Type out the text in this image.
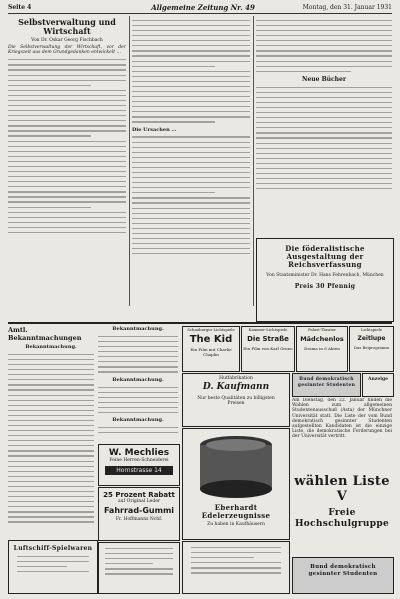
Seite 4	Allgemeine Zeitung Nr. 49	Montag, den 31. Januar 1931
Selbstverwaltung und Wirtschaft
Von Dr. Oskar Georg Fischbach
Die Selbstverwaltung der Wirtschaft, vor der Kriegszeit aus dem Grundgedanken entwickelt …
Die Ursachen …
Neue Bücher
Die föderalistische Ausgestaltung der Reichsverfassung
Von Staatsminister Dr. Hans Fehrenbach, München
Preis 30 Pfennig
Amtl. Bekanntmachungen
Bekanntmachung.
Bekanntmachung.
Bekanntmachung.
Bekanntmachung.
W. Mechlies
Feine Herren-Schneiderei
Hornstrasse 14
25 Prozent Rabatt
auf Original Leder
Fahrrad-Gummi
Fr. Hoffmanns Nchf.
Luftschiff-Spielwaren
Schauburger Lichtspiele
The Kid
Ein Film mit Charlie Chaplin
Kammer-Lichtspiele
Die Straße
Ein Film von Karl Grune
Palast-Theater
Mädchenlos
Drama in 6 Akten
Lichtspiele
Zeitlupe
Das Beiprogramm
Anzeige
Hutfabrikation
D. Kaufmann
Nur beste Qualitäten zu billigsten Preisen
Bund demokratisch gesinnter Studenten
Am Dienstag, den 22. Januar finden die Wahlen zum allgemeinen Studentenausschuß (Asta) der Münchner Universität statt. Die Liste der vom Bund demokratisch gesinnter Studenten aufgestellten Kandidaten ist die einzige Liste, die demokratische Forderungen bei der Universität vertritt.
Eberhardt Edelerzeugnisse
Zu haben in Kaufhäusern
wählen Liste V
Freie Hochschulgruppe
Bund demokratisch gesinnter Studenten
